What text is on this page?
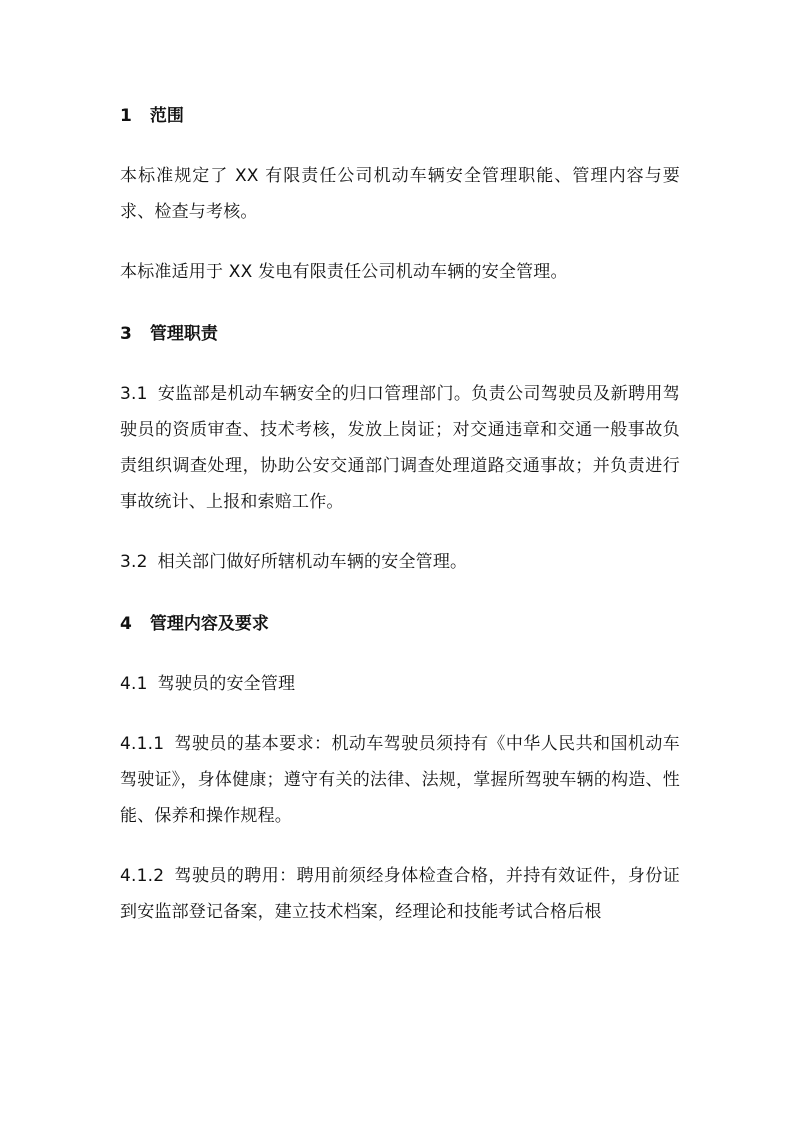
1 范围
本标准规定了 XX 有限责任公司机动车辆安全管理职能、管理内容与要求、检查与考核。
本标准适用于 XX 发电有限责任公司机动车辆的安全管理。
3 管理职责
3.1 安监部是机动车辆安全的归口管理部门。负责公司驾驶员及新聘用驾驶员的资质审查、技术考核，发放上岗证；对交通违章和交通一般事故负责组织调查处理，协助公安交通部门调查处理道路交通事故；并负责进行事故统计、上报和索赔工作。
3.2 相关部门做好所辖机动车辆的安全管理。
4 管理内容及要求
4.1 驾驶员的安全管理
4.1.1 驾驶员的基本要求：机动车驾驶员须持有《中华人民共和国机动车驾驶证》，身体健康；遵守有关的法律、法规，掌握所驾驶车辆的构造、性能、保养和操作规程。
4.1.2 驾驶员的聘用：聘用前须经身体检查合格，并持有效证件，身份证到安监部登记备案，建立技术档案，经理论和技能考试合格后根
